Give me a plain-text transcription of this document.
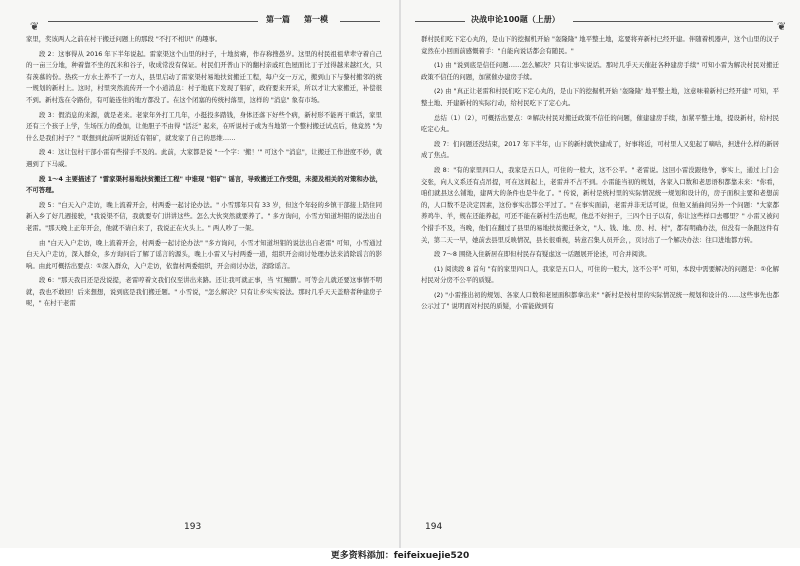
❦
第一篇 第一模

家里，奖该两人之前在村干搬迁问题上的那段 "不打不相识" 的趣事。

段 2：这事得从 2016 年下半年说起。雷家渠这个山里的村子，十地贫瘠，作存称搜愚岁。这里的村民祖祖辈辈守着自己的一亩三分地，种着靠不坐的瓦米和谷子，收成常没有保证。村民们开普山下的翻村亲戚红色屋面比丁子过得越来越红火，只有羡慕的份。热疾一方水土养不了一方人，县里启动了雷家渠村易地扶贫搬迁工程，每户交一万元，搬到山下与黎村搬邻的统一规划的新村上。这时，村里突然流传开一个小道消息：村子地底下发现了钼矿，政府要来开采，所以才让大家搬迁，补偿很不到。新村选在令路份，有可能连住的地方都没了。在这个闭塞的传统村落里，这样的 "消息" 象有市场。

段 3：假消息的来源，就是老来。老家年外打工几年，小挺投多踏钱，身体还落下好些个病，新村形不能再干重活，家里还有三个孩子上学，生场压力的叠加，让他胆子不由得 "活泛" 起来，在听说村子或为当地第一个整村搬迁试点后，他竟然 "为什么是我们村子？" 联想到此前听说附近有钼矿，就发家了自己的思维……

段 4：这让包村干部小雷有些措手不及的。此前，大家都是说 "一个字：'搬！'" 可这个 "消息"，让搬迁工作进度不妙，就遇到了下马威。

段 1～4 主要描述了 "雷家渠村易地扶贫搬迁工程" 中谁现 "钼矿" 谣言，导致搬迁工作受阻，未提及相关的对策和办法，不可答理。

段 5："白天入户走访，晚上流着开会，村两委一起讨论办法。" 小雪那年只有 33 岁，但这个年轻的乡镇干部接上陪住同新入乡了好几週接驶，"我说渠不信，我就要专门讲讲这些。怎么大伙突然就要养了。" 多方询问，小雪方知道坦钼的说法出自老雷。"那天晚上正年开会，他就不请自来了，我说正在火头上。" 两人吵了一架。

由 "白天入户走访，晚上流着开会，村两委一起讨论办法" "多方询问，小雪才知道坦钼的说法出自老雷" 可知，小雪通过白天入户走访，深入群众，多方询问后了解了谣言的源头，晚上小雷又与村两委一道，组织开会商讨处理办法来消除谣言的影响。由此可概括出要点：①深入群众，入户走访，依靠村两委组织，开会商讨办法，消除谣言。

段 6："那天我目还是没说提，老雷哼着文我们仅至讲出来路。还让我可就正事，当 '红鲲鹏'。可等会儿就还要这事情不明就，我也不敢回！后来想想，说到底是我们搬迁题。" 小雪说，"怎么解决？只有让步实实说法。那时几乎天天盖赔者种建房子呢，" 在村干老雷

193
决战申论100题（上册）
❦

群村民们吃下定心丸的，是山下的挖掘机开始 "轰隆隆" 地平整土地，迄要将弃新村已经开建。伴随着机器声，这个山里的汉子竟然在小回面前感慨着手："自能向说话都会有随民。"

(1) 由 "说到底是信任问题……怎么解决？只有让事实说话。那时几乎天天催赶各种建房手续" 可知小雷为解决村民对搬迁政策不信任的问题，加紧催办建房手续。

(2) 由 "真正让老雷和村民们吃下定心丸的，是山下的挖掘机开始 '轰隆隆' 地平整土地，这意味着新村已经开建" 可知，平整土地、开建新村的实际行动，给村民吃下了定心丸。

总结（1）（2），可概括出要点：②解决村民对搬迁政策不信任的问题，催建建房手续，加紧平整土地，提设新村，给村民吃定心丸。

段 7：们问题还没结束，2017 年下半年，山下的新村就快建成了，好事将近，可村里人又犯起了嘀咕，担进什么样的新居成了焦点。

段 8："有的家里四口人，我家是五口人，可住的一般大，这不公平。" 老雷说。这回小雷没跟他争，事实上，通过上门会交张，向人义系还有点吊提，可在这间起上，老雷并不占不到。小雷能当初的规划，各家入口数和老思语积都靠未来："你看，咱们就县这么铺地，建两大的条件也是牛化了。" 传说，新村是统村里的实际情况统一规划和设计的，房子面积主要和老想前的，人口数不是决定因素，这份事实出都公平过了。" 在事实面前，老雷并非无话可说，但他又插曲间另外一个问题："大家都养鸡牛、羊，规在还能养起，可还不能在新村生活也呢，他总不好担子，三四个日子以有，你让这些样口去哪里？" 小雷又被问个措手不及，当晚，他们在翻过了县里的易地扶贫搬迁条文，"人、钱、地、房、村、村"，都有明确办法，但没有一条跟这件有关，第二天一早，她前去县里反映情况，县长很重视，转意召集人员开会，，页讨出了一个解决办法：往口进地都方转。

段 7～8 围绕入住新居在即但村民存有疑虑这一话题展开论述，可合并阅读。

(1) 阅读段 8 首句 "有的家里四口人，我家是五口人，可住的一般大，这不公平" 可知，本段中需要解决的问题是：①化解村民对分房不公平的质疑。

(2) "小雷推出初的规划、各家人口数和老屋面积都拿出来" "新村是按村里的实际情况统一规划和设计的……这些事先也都公示过了" 说明面对村民的质疑，小雷能做到有

194
更多资料添加：feifeixuejie520
